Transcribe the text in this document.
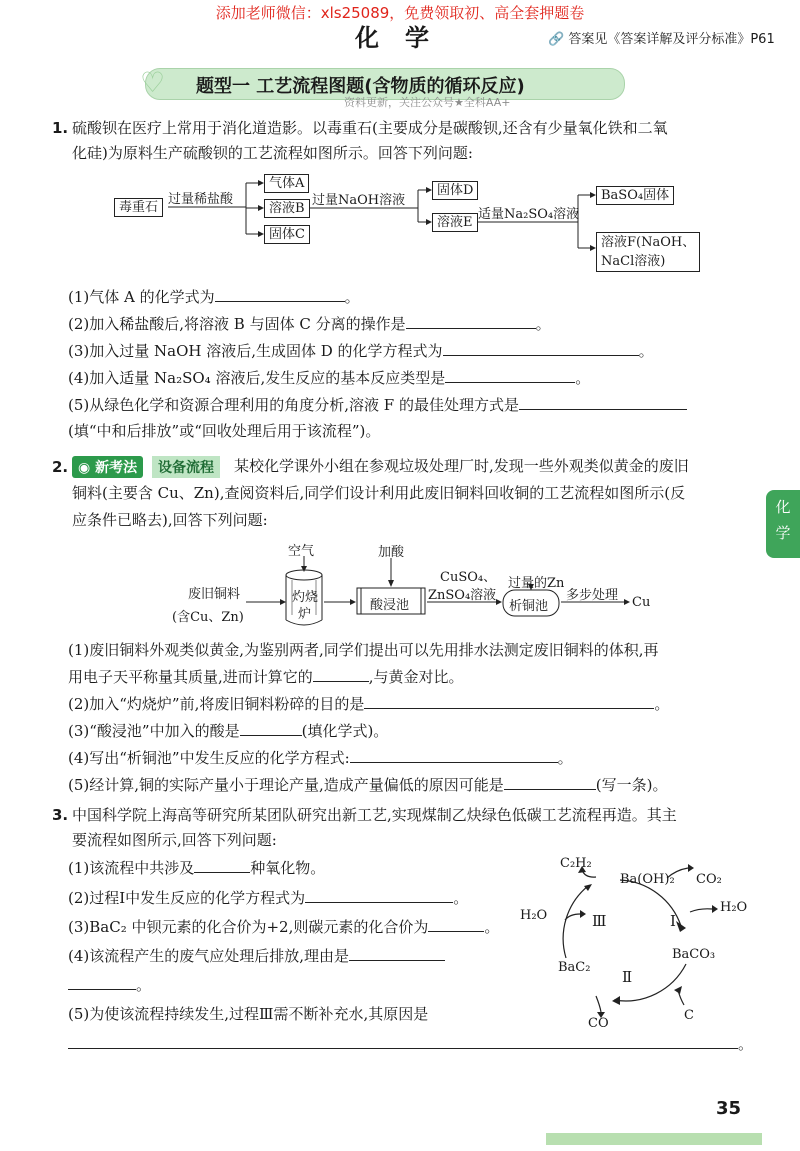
添加老师微信：xls25089，免费领取初、高全套押题卷
化学	🔗 答案见《答案详解及评分标准》P61
♡ 题型一 工艺流程图题(含物质的循环反应)
资料更新，关注公众号★全科AA+
1. 硫酸钡在医疗上常用于消化道造影。以毒重石(主要成分是碳酸钡,还含有少量氧化铁和二氧
化硅)为原料生产硫酸钡的工艺流程如图所示。回答下列问题:
毒重石
过量稀盐酸
气体A
溶液B
固体C
过量NaOH溶液
固体D
溶液E
适量Na₂SO₄溶液
BaSO₄固体
溶液F(NaOH、
NaCl溶液)
(1)气体 A 的化学式为	。
(2)加入稀盐酸后,将溶液 B 与固体 C 分离的操作是	。
(3)加入过量 NaOH 溶液后,生成固体 D 的化学方程式为	。
(4)加入适量 Na₂SO₄ 溶液后,发生反应的基本反应类型是	。
(5)从绿色化学和资源合理利用的角度分析,溶液 F 的最佳处理方式是
(填“中和后排放”或“回收处理后用于该流程”)。
2. ◉ 新考法	设备流程	某校化学课外小组在参观垃圾处理厂时,发现一些外观类似黄金的废旧
铜料(主要含 Cu、Zn),查阅资料后,同学们设计利用此废旧铜料回收铜的工艺流程如图所示(反
应条件已略去),回答下列问题:
空气	加酸
过量的Zn
废旧铜料
(含Cu、Zn)
灼烧
炉
酸浸池
CuSO₄、
ZnSO₄溶液
析铜池
多步处理 Cu
(1)废旧铜料外观类似黄金,为鉴别两者,同学们提出可以先用排水法测定废旧铜料的体积,再
用电子天平称量其质量,进而计算它的	,与黄金对比。
(2)加入“灼烧炉”前,将废旧铜料粉碎的目的是	。
(3)“酸浸池”中加入的酸是	(填化学式)。
(4)写出“析铜池”中发生反应的化学方程式:	。
(5)经计算,铜的实际产量小于理论产量,造成产量偏低的原因可能是	(写一条)。
3. 中国科学院上海高等研究所某团队研究出新工艺,实现煤制乙炔绿色低碳工艺流程再造。其主
要流程如图所示,回答下列问题:
(1)该流程中共涉及	种氧化物。
(2)过程Ⅰ中发生反应的化学方程式为	。
(3)BaC₂ 中钡元素的化合价为+2,则碳元素的化合价为	。
(4)该流程产生的废气应处理后排放,理由是
。
(5)为使该流程持续发生,过程Ⅲ需不断补充水,其原因是
。
C₂H₂
Ba(OH)₂ CO₂
H₂O
H₂O
Ⅲ	Ⅰ
Ⅱ
BaC₂
BaCO₃
CO
C
化
学
35
